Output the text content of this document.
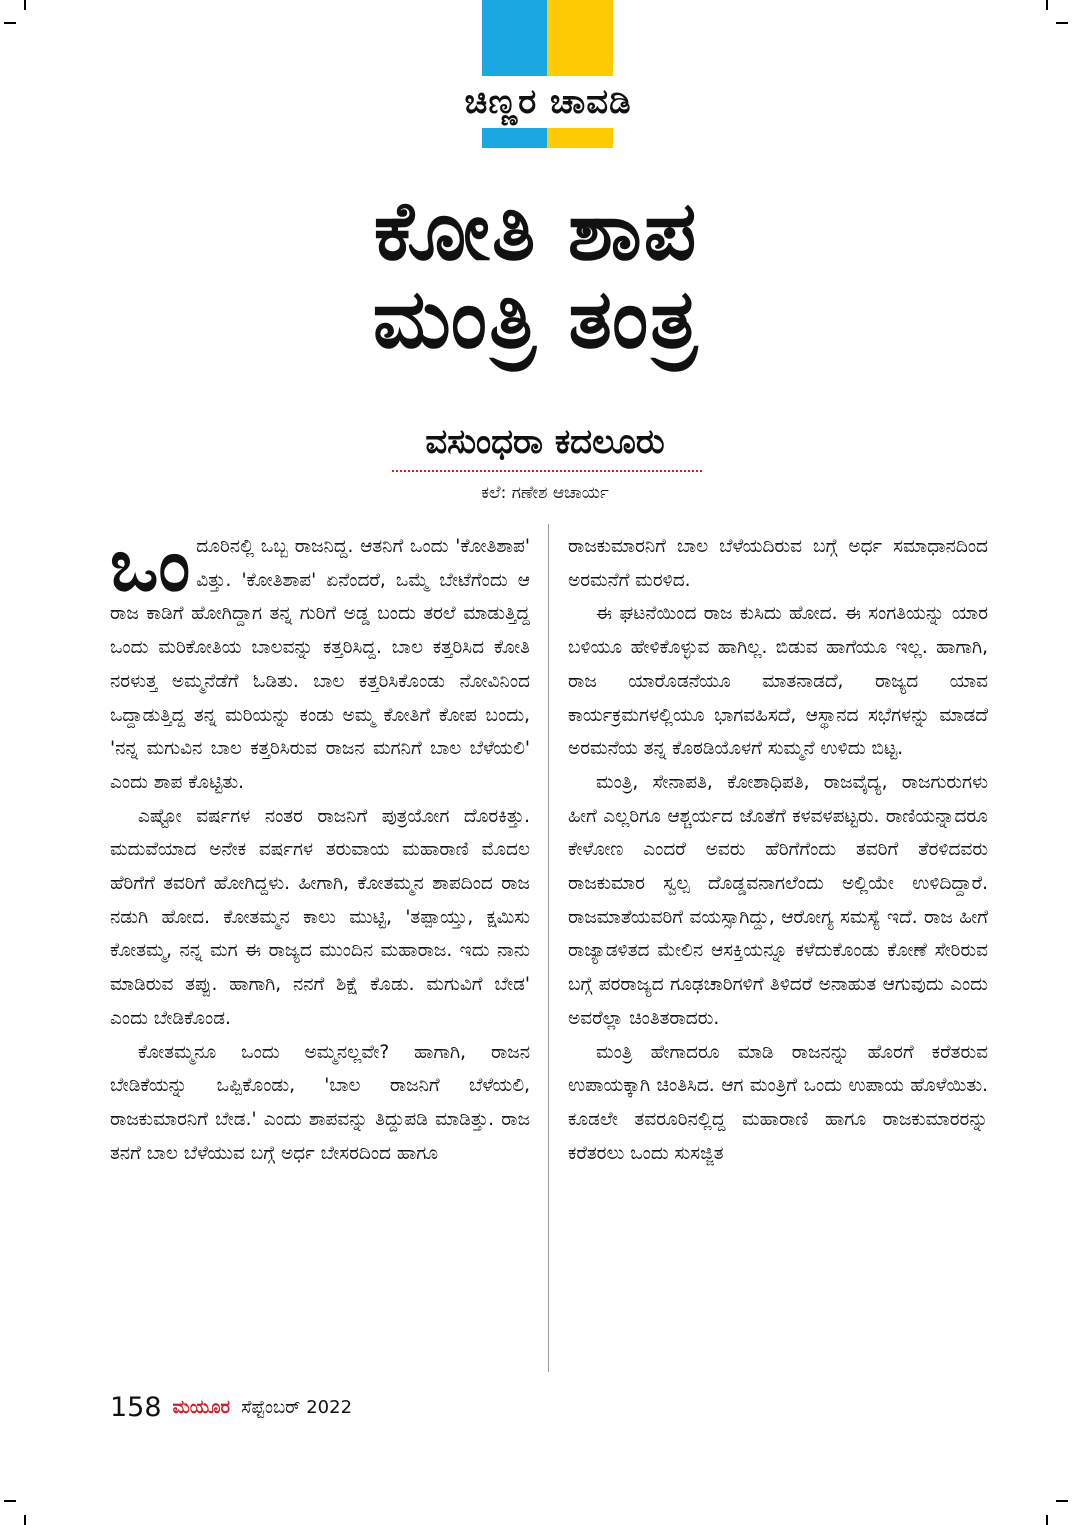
ಚಿಣ್ಣರ ಚಾವಡಿ
ಕೋತಿ ಶಾಪ
ಮಂತ್ರಿ ತಂತ್ರ
ವಸುಂಧರಾ ಕದಲೂರು
ಕಲೆ: ಗಣೇಶ ಆಚಾರ್ಯ

ಒಂದೂರಿನಲ್ಲಿ ಒಬ್ಬ ರಾಜನಿದ್ದ. ಆತನಿಗೆ ಒಂದು 'ಕೋತಿಶಾಪ' ವಿತ್ತು. 'ಕೋತಿಶಾಪ' ಏನೆಂದರೆ, ಒಮ್ಮೆ ಬೇಟೆಗೆಂದು ಆ ರಾಜ ಕಾಡಿಗೆ ಹೋಗಿದ್ದಾಗ ತನ್ನ ಗುರಿಗೆ ಅಡ್ಡ ಬಂದು ತರಲೆ ಮಾಡುತ್ತಿದ್ದ ಒಂದು ಮರಿಕೋತಿಯ ಬಾಲವನ್ನು ಕತ್ತರಿಸಿದ್ದ. ಬಾಲ ಕತ್ತರಿಸಿದ ಕೋತಿ ನರಳುತ್ತ ಅಮ್ಮನೆಡೆಗೆ ಓಡಿತು. ಬಾಲ ಕತ್ತರಿಸಿಕೊಂಡು ನೋವಿನಿಂದ ಒದ್ದಾಡುತ್ತಿದ್ದ ತನ್ನ ಮರಿಯನ್ನು ಕಂಡು ಅಮ್ಮ ಕೋತಿಗೆ ಕೋಪ ಬಂದು, 'ನನ್ನ ಮಗುವಿನ ಬಾಲ ಕತ್ತರಿಸಿರುವ ರಾಜನ ಮಗನಿಗೆ ಬಾಲ ಬೆಳೆಯಲಿ' ಎಂದು ಶಾಪ ಕೊಟ್ಟಿತು.

ಎಷ್ಟೋ ವರ್ಷಗಳ ನಂತರ ರಾಜನಿಗೆ ಪುತ್ರಯೋಗ ದೊರಕಿತ್ತು. ಮದುವೆಯಾದ ಅನೇಕ ವರ್ಷಗಳ ತರುವಾಯ ಮಹಾರಾಣಿ ಮೊದಲ ಹೆರಿಗೆಗೆ ತವರಿಗೆ ಹೋಗಿದ್ದಳು. ಹೀಗಾಗಿ, ಕೋತಮ್ಮನ ಶಾಪದಿಂದ ರಾಜ ನಡುಗಿ ಹೋದ. ಕೋತಮ್ಮನ ಕಾಲು ಮುಟ್ಟಿ, 'ತಪ್ಪಾಯ್ತು, ಕ್ಷಮಿಸು ಕೋತಮ್ಮ, ನನ್ನ ಮಗ ಈ ರಾಜ್ಯದ ಮುಂದಿನ ಮಹಾರಾಜ. ಇದು ನಾನು ಮಾಡಿರುವ ತಪ್ಪು. ಹಾಗಾಗಿ, ನನಗೆ ಶಿಕ್ಷೆ ಕೊಡು. ಮಗುವಿಗೆ ಬೇಡ' ಎಂದು ಬೇಡಿಕೊಂಡ.

ಕೋತಮ್ಮನೂ ಒಂದು ಅಮ್ಮನಲ್ಲವೇ? ಹಾಗಾಗಿ, ರಾಜನ ಬೇಡಿಕೆಯನ್ನು ಒಪ್ಪಿಕೊಂಡು, 'ಬಾಲ ರಾಜನಿಗೆ ಬೆಳೆಯಲಿ, ರಾಜಕುಮಾರನಿಗೆ ಬೇಡ.' ಎಂದು ಶಾಪವನ್ನು ತಿದ್ದುಪಡಿ ಮಾಡಿತ್ತು. ರಾಜ ತನಗೆ ಬಾಲ ಬೆಳೆಯುವ ಬಗ್ಗೆ ಅರ್ಧ ಬೇಸರದಿಂದ ಹಾಗೂ

ರಾಜಕುಮಾರನಿಗೆ ಬಾಲ ಬೆಳೆಯದಿರುವ ಬಗ್ಗೆ ಅರ್ಧ ಸಮಾಧಾನದಿಂದ ಅರಮನೆಗೆ ಮರಳಿದ.

ಈ ಘಟನೆಯಿಂದ ರಾಜ ಕುಸಿದು ಹೋದ. ಈ ಸಂಗತಿಯನ್ನು ಯಾರ ಬಳಿಯೂ ಹೇಳಿಕೊಳ್ಳುವ ಹಾಗಿಲ್ಲ. ಬಿಡುವ ಹಾಗೆಯೂ ಇಲ್ಲ. ಹಾಗಾಗಿ, ರಾಜ ಯಾರೊಡನೆಯೂ ಮಾತನಾಡದೆ, ರಾಜ್ಯದ ಯಾವ ಕಾರ್ಯಕ್ರಮಗಳಲ್ಲಿಯೂ ಭಾಗವಹಿಸದೆ, ಆಸ್ಥಾನದ ಸಭೆಗಳನ್ನು ಮಾಡದೆ ಅರಮನೆಯ ತನ್ನ ಕೊಠಡಿಯೊಳಗೆ ಸುಮ್ಮನೆ ಉಳಿದು ಬಿಟ್ಟ.

ಮಂತ್ರಿ, ಸೇನಾಪತಿ, ಕೋಶಾಧಿಪತಿ, ರಾಜವೈದ್ಯ, ರಾಜಗುರುಗಳು ಹೀಗೆ ಎಲ್ಲರಿಗೂ ಆಶ್ಚರ್ಯದ ಜೊತೆಗೆ ಕಳವಳಪಟ್ಟರು. ರಾಣಿಯನ್ನಾದರೂ ಕೇಳೋಣ ಎಂದರೆ ಅವರು ಹೆರಿಗೆಗೆಂದು ತವರಿಗೆ ತೆರಳಿದವರು ರಾಜಕುಮಾರ ಸ್ವಲ್ಪ ದೊಡ್ಡವನಾಗಲೆಂದು ಅಲ್ಲಿಯೇ ಉಳಿದಿದ್ದಾರೆ. ರಾಜಮಾತೆಯವರಿಗೆ ವಯಸ್ಸಾಗಿದ್ದು, ಆರೋಗ್ಯ ಸಮಸ್ಯೆ ಇದೆ. ರಾಜ ಹೀಗೆ ರಾಜ್ಯಾಡಳಿತದ ಮೇಲಿನ ಆಸಕ್ತಿಯನ್ನೂ ಕಳೆದುಕೊಂಡು ಕೋಣೆ ಸೇರಿರುವ ಬಗ್ಗೆ ಪರರಾಜ್ಯದ ಗೂಢಚಾರಿಗಳಿಗೆ ತಿಳಿದರೆ ಅನಾಹುತ ಆಗುವುದು ಎಂದು ಅವರೆಲ್ಲಾ ಚಿಂತಿತರಾದರು.

ಮಂತ್ರಿ ಹೇಗಾದರೂ ಮಾಡಿ ರಾಜನನ್ನು ಹೊರಗೆ ಕರೆತರುವ ಉಪಾಯಕ್ಕಾಗಿ ಚಿಂತಿಸಿದ. ಆಗ ಮಂತ್ರಿಗೆ ಒಂದು ಉಪಾಯ ಹೊಳೆಯಿತು. ಕೂಡಲೇ ತವರೂರಿನಲ್ಲಿದ್ದ ಮಹಾರಾಣಿ ಹಾಗೂ ರಾಜಕುಮಾರರನ್ನು ಕರೆತರಲು ಒಂದು ಸುಸಜ್ಜಿತ

158 ಮಯೂರ ಸೆಪ್ಟೆಂಬರ್ 2022
